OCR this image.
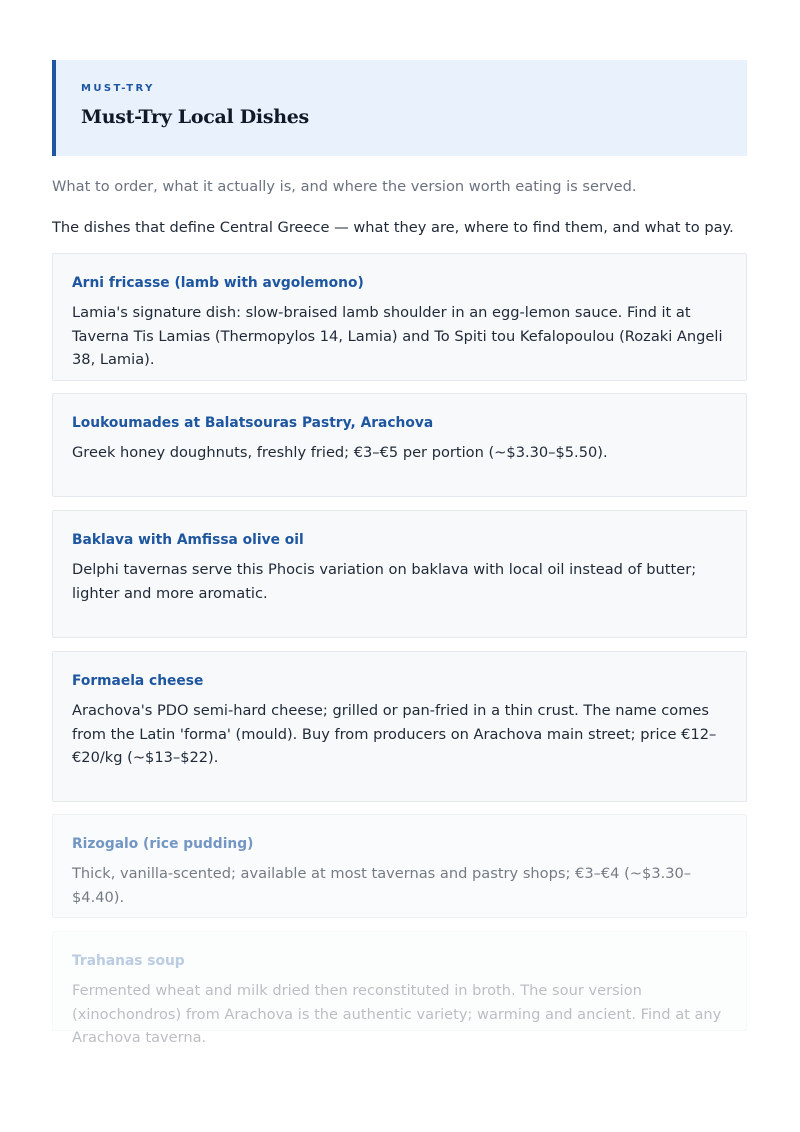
MUST-TRY
Must-Try Local Dishes
What to order, what it actually is, and where the version worth eating is served.
The dishes that define Central Greece — what they are, where to find them, and what to pay.
Arni fricasse (lamb with avgolemono)
Lamia's signature dish: slow-braised lamb shoulder in an egg-lemon sauce. Find it at Taverna Tis Lamias (Thermopylos 14, Lamia) and To Spiti tou Kefalopoulou (Rozaki Angeli 38, Lamia).
Loukoumades at Balatsouras Pastry, Arachova
Greek honey doughnuts, freshly fried; €3–€5 per portion (~$3.30–$5.50).
Baklava with Amfissa olive oil
Delphi tavernas serve this Phocis variation on baklava with local oil instead of butter; lighter and more aromatic.
Formaela cheese
Arachova's PDO semi-hard cheese; grilled or pan-fried in a thin crust. The name comes from the Latin 'forma' (mould). Buy from producers on Arachova main street; price €12–€20/kg (~$13–$22).
Rizogalo (rice pudding)
Thick, vanilla-scented; available at most tavernas and pastry shops; €3–€4 (~$3.30–$4.40).
Trahanas soup
Fermented wheat and milk dried then reconstituted in broth. The sour version (xinochondros) from Arachova is the authentic variety; warming and ancient. Find at any Arachova taverna.
